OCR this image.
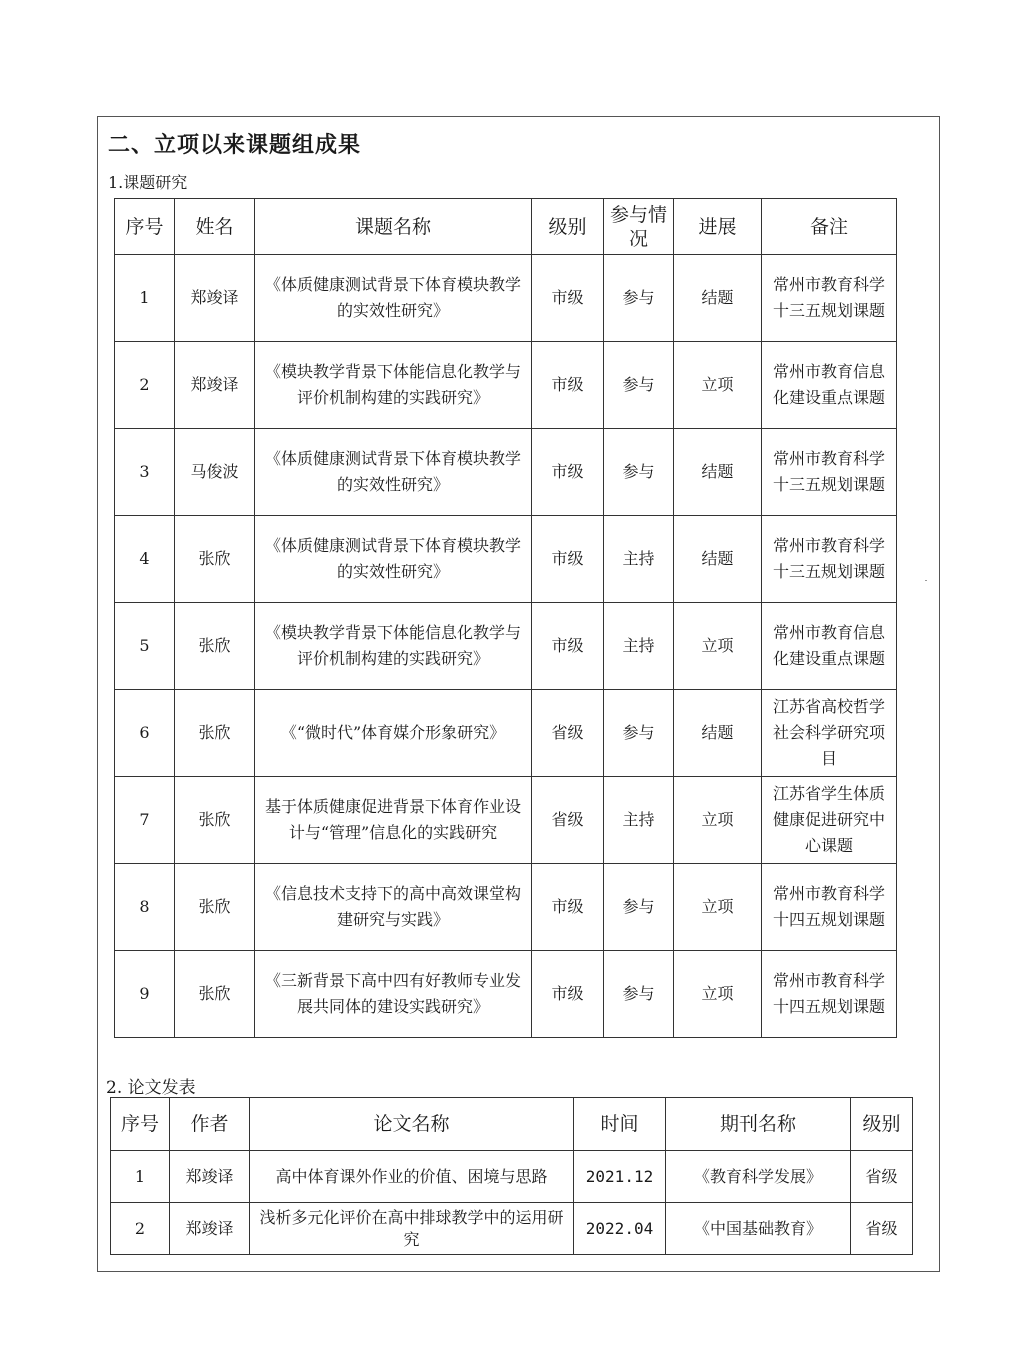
二、立项以来课题组成果
1.课题研究
序号	姓名	课题名称	级别	参与情况	进展	备注
1	郑竣译	《体质健康测试背景下体育模块教学的实效性研究》	市级	参与	结题	常州市教育科学十三五规划课题
2	郑竣译	《模块教学背景下体能信息化教学与评价机制构建的实践研究》	市级	参与	立项	常州市教育信息化建设重点课题
3	马俊波	《体质健康测试背景下体育模块教学的实效性研究》	市级	参与	结题	常州市教育科学十三五规划课题
4	张欣	《体质健康测试背景下体育模块教学的实效性研究》	市级	主持	结题	常州市教育科学十三五规划课题
5	张欣	《模块教学背景下体能信息化教学与评价机制构建的实践研究》	市级	主持	立项	常州市教育信息化建设重点课题
6	张欣	《“微时代”体育媒介形象研究》	省级	参与	结题	江苏省高校哲学社会科学研究项目
7	张欣	基于体质健康促进背景下体育作业设计与“管理”信息化的实践研究	省级	主持	立项	江苏省学生体质健康促进研究中心课题
8	张欣	《信息技术支持下的高中高效课堂构建研究与实践》	市级	参与	立项	常州市教育科学十四五规划课题
9	张欣	《三新背景下高中四有好教师专业发展共同体的建设实践研究》	市级	参与	立项	常州市教育科学十四五规划课题
2. 论文发表
序号	作者	论文名称	时间	期刊名称	级别
1	郑竣译	高中体育课外作业的价值、困境与思路	2021.12	《教育科学发展》	省级
2	郑竣译	浅析多元化评价在高中排球教学中的运用研究	2022.04	《中国基础教育》	省级
